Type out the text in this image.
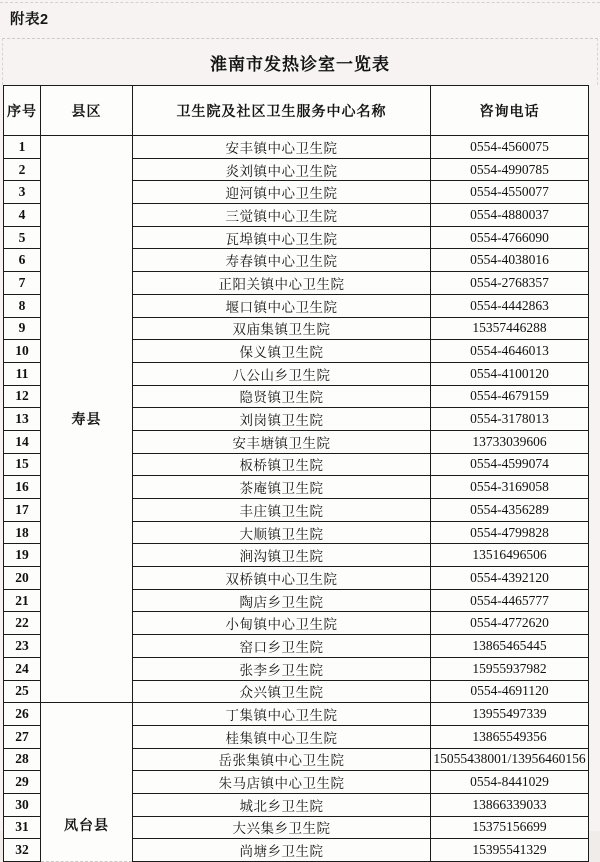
附表2
淮南市发热诊室一览表
序号	县区	卫生院及社区卫生服务中心名称	咨询电话
1	寿县	安丰镇中心卫生院	0554-4560075
2		炎刘镇中心卫生院	0554-4990785
3		迎河镇中心卫生院	0554-4550077
4		三觉镇中心卫生院	0554-4880037
5		瓦埠镇中心卫生院	0554-4766090
6		寿春镇中心卫生院	0554-4038016
7		正阳关镇中心卫生院	0554-2768357
8		堰口镇中心卫生院	0554-4442863
9		双庙集镇卫生院	15357446288
10		保义镇卫生院	0554-4646013
11		八公山乡卫生院	0554-4100120
12		隐贤镇卫生院	0554-4679159
13		刘岗镇卫生院	0554-3178013
14		安丰塘镇卫生院	13733039606
15		板桥镇卫生院	0554-4599074
16		茶庵镇卫生院	0554-3169058
17		丰庄镇卫生院	0554-4356289
18		大顺镇卫生院	0554-4799828
19		涧沟镇卫生院	13516496506
20		双桥镇中心卫生院	0554-4392120
21		陶店乡卫生院	0554-4465777
22		小甸镇中心卫生院	0554-4772620
23		窑口乡卫生院	13865465445
24		张李乡卫生院	15955937982
25		众兴镇卫生院	0554-4691120
26	凤台县	丁集镇中心卫生院	13955497339
27		桂集镇中心卫生院	13865549356
28		岳张集镇中心卫生院	15055438001/13956460156
29		朱马店镇中心卫生院	0554-8441029
30		城北乡卫生院	13866339033
31		大兴集乡卫生院	15375156699
32		尚塘乡卫生院	15395541329
